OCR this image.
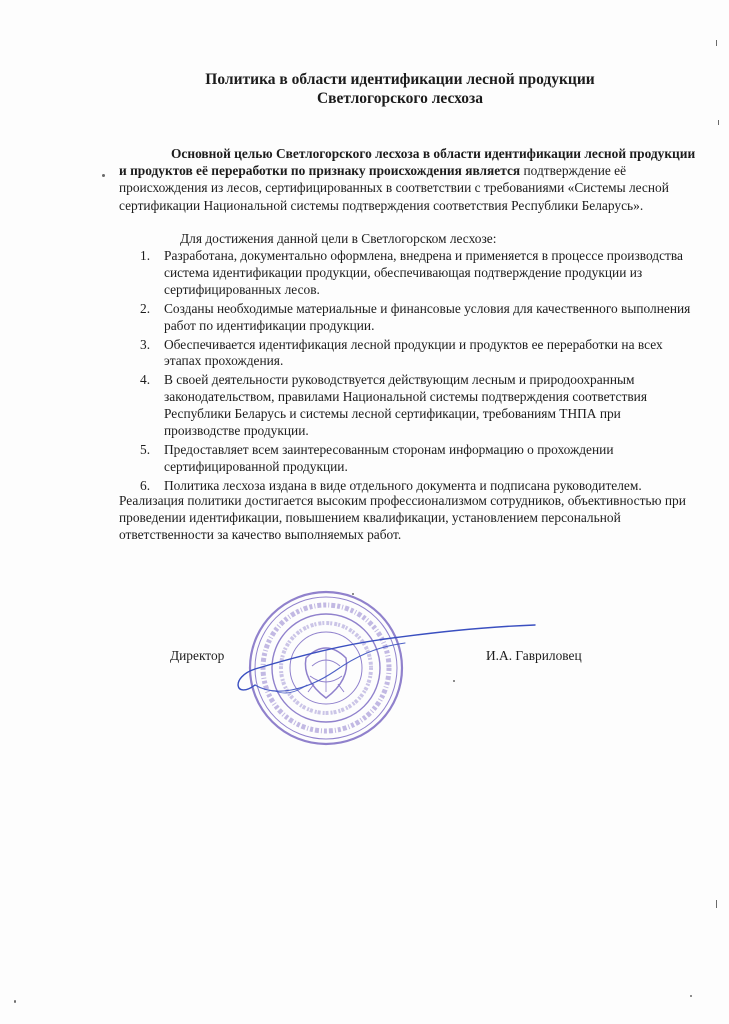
Политика в области идентификации лесной продукции
Светлогорского лесхоза
Основной целью Светлогорского лесхоза в области идентификации лесной продукции и продуктов её переработки по признаку происхождения является подтверждение её происхождения из лесов, сертифицированных в соответствии с требованиями «Системы лесной сертификации Национальной системы подтверждения соответствия Республики Беларусь».
Для достижения данной цели в Светлогорском лесхозе:
1. Разработана, документально оформлена, внедрена и применяется в процессе производства система идентификации продукции, обеспечивающая подтверждение продукции из сертифицированных лесов.
2. Созданы необходимые материальные и финансовые условия для качественного выполнения работ по идентификации продукции.
3. Обеспечивается идентификация лесной продукции и продуктов ее переработки на всех этапах прохождения.
4. В своей деятельности руководствуется действующим лесным и природоохранным законодательством, правилами Национальной системы подтверждения соответствия Республики Беларусь и системы лесной сертификации, требованиям ТНПА при производстве продукции.
5. Предоставляет всем заинтересованным сторонам информацию о прохождении сертифицированной продукции.
6. Политика лесхоза издана в виде отдельного документа и подписана руководителем.
Реализация политики достигается высоким профессионализмом сотрудников, объективностью при проведении идентификации, повышением квалификации, установлением персональной ответственности за качество выполняемых работ.
Директор	И.А. Гавриловец
